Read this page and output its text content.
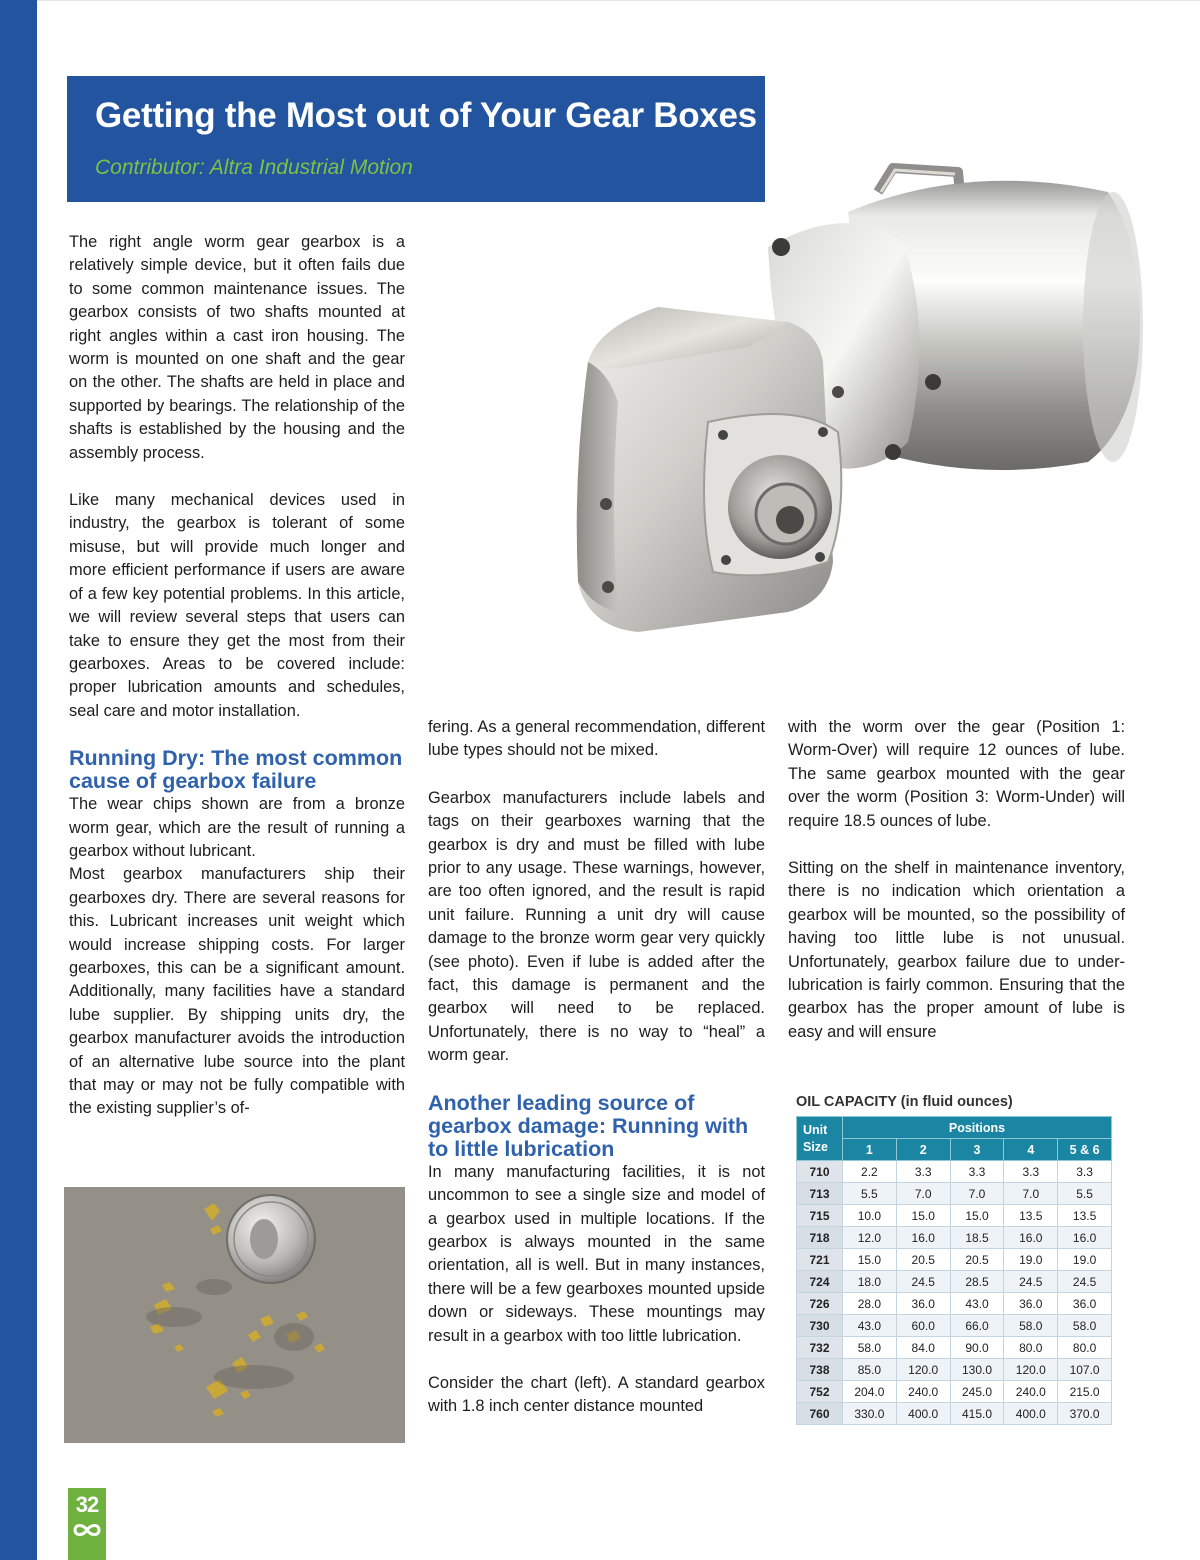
Getting the Most out of Your Gear Boxes
Contributor: Altra Industrial Motion

The right angle worm gear gearbox is a relatively simple device, but it often fails due to some common maintenance issues. The gearbox consists of two shafts mounted at right angles within a cast iron housing. The worm is mounted on one shaft and the gear on the other. The shafts are held in place and supported by bearings. The relationship of the shafts is established by the housing and the assembly process.

Like many mechanical devices used in industry, the gearbox is tolerant of some misuse, but will provide much longer and more efficient performance if users are aware of a few key potential problems. In this article, we will review several steps that users can take to ensure they get the most from their gearboxes. Areas to be covered include: proper lubrication amounts and schedules, seal care and motor installation.

Running Dry: The most common cause of gearbox failure

The wear chips shown are from a bronze worm gear, which are the result of running a gearbox without lubricant.

Most gearbox manufacturers ship their gearboxes dry. There are several reasons for this. Lubricant increases unit weight which would increase shipping costs. For larger gearboxes, this can be a significant amount. Additionally, many facilities have a standard lube supplier. By shipping units dry, the gearbox manufacturer avoids the introduction of an alternative lube source into the plant that may or may not be fully compatible with the existing supplier’s of-

fering. As a general recommendation, different lube types should not be mixed.

Gearbox manufacturers include labels and tags on their gearboxes warning that the gearbox is dry and must be filled with lube prior to any usage. These warnings, however, are too often ignored, and the result is rapid unit failure. Running a unit dry will cause damage to the bronze worm gear very quickly (see photo). Even if lube is added after the fact, this damage is permanent and the gearbox will need to be replaced. Unfortunately, there is no way to “heal” a worm gear.

Another leading source of gearbox damage: Running with to little lubrication

In many manufacturing facilities, it is not uncommon to see a single size and model of a gearbox used in multiple locations. If the gearbox is always mounted in the same orientation, all is well. But in many instances, there will be a few gearboxes mounted upside down or sideways. These mountings may result in a gearbox with too little lubrication.

Consider the chart (left). A standard gearbox with 1.8 inch center distance mounted

with the worm over the gear (Position 1: Worm-Over) will require 12 ounces of lube. The same gearbox mounted with the gear over the worm (Position 3: Worm-Under) will require 18.5 ounces of lube.

Sitting on the shelf in maintenance inventory, there is no indication which orientation a gearbox will be mounted, so the possibility of having too little lube is not unusual. Unfortunately, gearbox failure due to under-lubrication is fairly common. Ensuring that the gearbox has the proper amount of lube is easy and will ensure

OIL CAPACITY (in fluid ounces)
Unit Size	Positions				
	1	2	3	4	5 & 6
710	2.2	3.3	3.3	3.3	3.3
713	5.5	7.0	7.0	7.0	5.5
715	10.0	15.0	15.0	13.5	13.5
718	12.0	16.0	18.5	16.0	16.0
721	15.0	20.5	20.5	19.0	19.0
724	18.0	24.5	28.5	24.5	24.5
726	28.0	36.0	43.0	36.0	36.0
730	43.0	60.0	66.0	58.0	58.0
732	58.0	84.0	90.0	80.0	80.0
738	85.0	120.0	130.0	120.0	107.0
752	204.0	240.0	245.0	240.0	215.0
760	330.0	400.0	415.0	400.0	370.0
32
